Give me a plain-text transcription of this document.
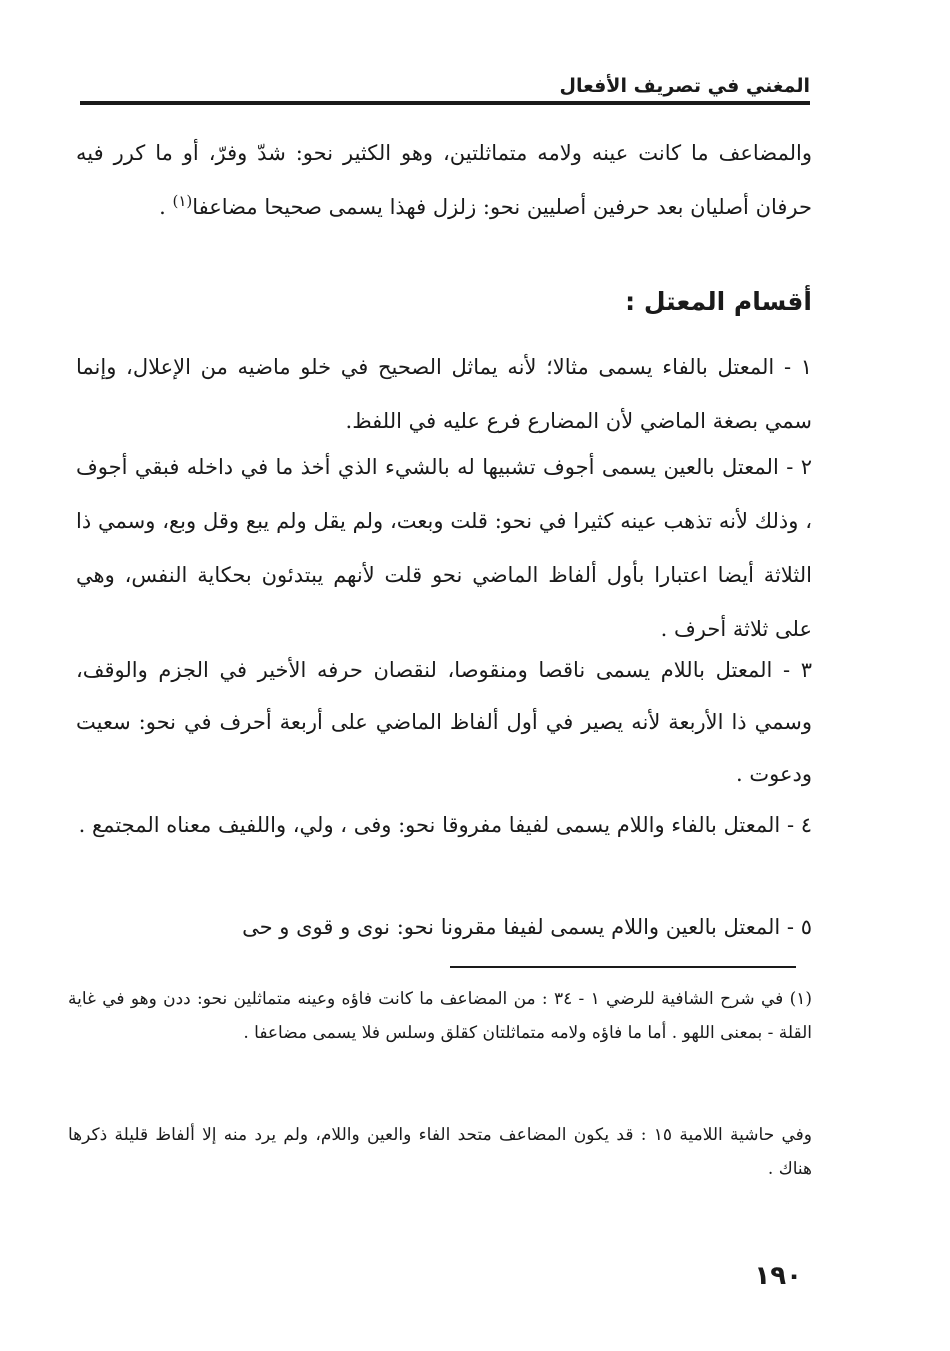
المغني في تصريف الأفعال
والمضاعف ما كانت عينه ولامه متماثلتين، وهو الكثير نحو: شدّ وفرّ، أو ما كرر فيه حرفان أصليان بعد حرفين أصليين نحو: زلزل فهذا يسمى صحيحا مضاعفا$^{(١)}$ .
أقسام المعتل :
١ - المعتل بالفاء يسمى مثالا؛ لأنه يماثل الصحيح في خلو ماضيه من الإعلال، وإنما سمي بصغة الماضي لأن المضارع فرع عليه في اللفظ.
٢ - المعتل بالعين يسمى أجوف تشبيها له بالشيء الذي أخذ ما في داخله فبقي أجوف ، وذلك لأنه تذهب عينه كثيرا في نحو: قلت وبعت، ولم يقل ولم يبع وقل وبع، وسمي ذا الثلاثة أيضا اعتبارا بأول ألفاظ الماضي نحو قلت لأنهم يبتدئون بحكاية النفس، وهي على ثلاثة أحرف .
٣ - المعتل باللام يسمى ناقصا ومنقوصا، لنقصان حرفه الأخير في الجزم والوقف، وسمي ذا الأربعة لأنه يصير في أول ألفاظ الماضي على أربعة أحرف في نحو: سعيت ودعوت .
٤ - المعتل بالفاء واللام يسمى لفيفا مفروقا نحو: وفى ، ولي، واللفيف معناه المجتمع .
٥ - المعتل بالعين واللام يسمى لفيفا مقرونا نحو: نوى و قوى و حى
(١) في شرح الشافية للرضي ١ - ٣٤ : من المضاعف ما كانت فاؤه وعينه متماثلين نحو: ددن وهو في غاية القلة - بمعنى اللهو . أما ما فاؤه ولامه متماثلتان كقلق وسلس فلا يسمى مضاعفا .
وفي حاشية اللامية ١٥ : قد يكون المضاعف متحد الفاء والعين واللام، ولم يرد منه إلا ألفاظ قليلة ذكرها هناك .
١٩٠
